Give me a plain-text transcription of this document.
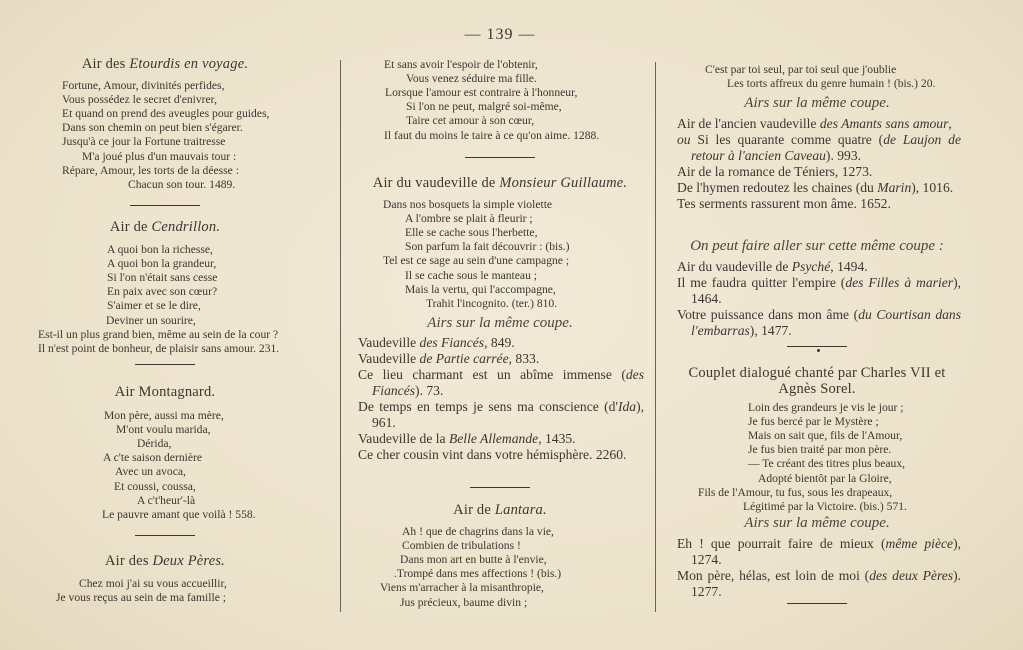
— 139 —
Air des Etourdis en voyage.
Fortune, Amour, divinités perfides,
Vous possédez le secret d'enivrer,
Et quand on prend des aveugles pour guides,
Dans son chemin on peut bien s'égarer.
Jusqu'à ce jour la Fortune traitresse
M'a joué plus d'un mauvais tour :
Répare, Amour, les torts de la déesse :
Chacun son tour. 1489.
Air de Cendrillon.
A quoi bon la richesse,
A quoi bon la grandeur,
Si l'on n'était sans cesse
En paix avec son cœur?
S'aimer et se le dire,
Deviner un sourire,
Est-il un plus grand bien, même au sein de la cour ?
Il n'est point de bonheur, de plaisir sans amour. 231.
Air Montagnard.
Mon père, aussi ma mère,
M'ont voulu marida,
Dérida,
A c'te saison dernière
Avec un avoca,
Et coussi, coussa,
A c't'heur'-là
Le pauvre amant que voilà ! 558.
Air des Deux Pères.
Chez moi j'ai su vous accueillir,
Je vous reçus au sein de ma famille ;
Et sans avoir l'espoir de l'obtenir,
Vous venez séduire ma fille.
Lorsque l'amour est contraire à l'honneur,
Si l'on ne peut, malgré soi-même,
Taire cet amour à son cœur,
Il faut du moins le taire à ce qu'on aime. 1288.
Air du vaudeville de Monsieur Guillaume.
Dans nos bosquets la simple violette
A l'ombre se plait à fleurir ;
Elle se cache sous l'herbette,
Son parfum la fait découvrir : (bis.)
Tel est ce sage au sein d'une campagne ;
Il se cache sous le manteau ;
Mais la vertu, qui l'accompagne,
Trahit l'incognito. (ter.) 810.
Airs sur la même coupe.
Vaudeville des Fiancés, 849.
Vaudeville de Partie carrée, 833.
Ce lieu charmant est un abîme immense (des Fiancés). 73.
De temps en temps je sens ma conscience (d'Ida), 961.
Vaudeville de la Belle Allemande, 1435.
Ce cher cousin vint dans votre hémisphère. 2260.
Air de Lantara.
Ah ! que de chagrins dans la vie,
Combien de tribulations !
Dans mon art en butte à l'envie,
.Trompé dans mes affections ! (bis.)
Viens m'arracher à la misanthropie,
Jus précieux, baume divin ;
C'est par toi seul, par toi seul que j'oublie
Les torts affreux du genre humain ! (bis.) 20.
Airs sur la même coupe.
Air de l'ancien vaudeville des Amants sans amour,
ou Si les quarante comme quatre (de Laujon de retour à l'ancien Caveau). 993.
Air de la romance de Téniers, 1273.
De l'hymen redoutez les chaines (du Marin), 1016.
Tes serments rassurent mon âme. 1652.
On peut faire aller sur cette même coupe :
Air du vaudeville de Psyché, 1494.
Il me faudra quitter l'empire (des Filles à marier), 1464.
Votre puissance dans mon âme (du Courtisan dans l'embarras), 1477.
Couplet dialogué chanté par Charles VII et
Agnès Sorel.
Loin des grandeurs je vis le jour ;
Je fus bercé par le Mystère ;
Mais on sait que, fils de l'Amour,
Je fus bien traité par mon père.
— Te créant des titres plus beaux,
Adopté bientôt par la Gloire,
Fils de l'Amour, tu fus, sous les drapeaux,
Légitimé par la Victoire. (bis.) 571.
Airs sur la même coupe.
Eh ! que pourrait faire de mieux (même pièce), 1274.
Mon père, hélas, est loin de moi (des deux Pères). 1277.
